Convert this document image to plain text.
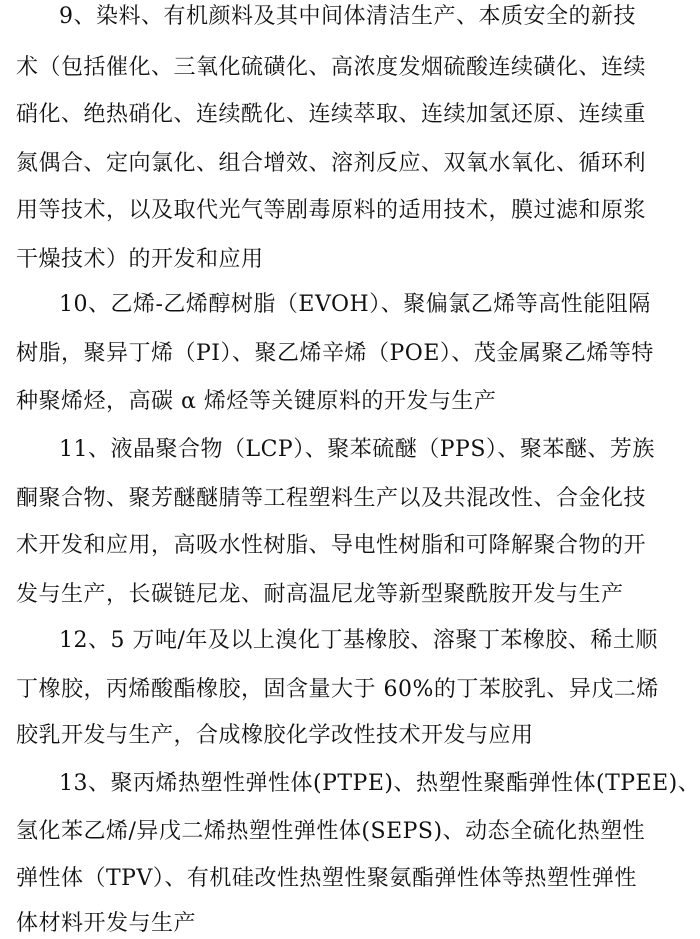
9、染料、有机颜料及其中间体清洁生产、本质安全的新技
术（包括催化、三氧化硫磺化、高浓度发烟硫酸连续磺化、连续
硝化、绝热硝化、连续酰化、连续萃取、连续加氢还原、连续重
氮偶合、定向氯化、组合增效、溶剂反应、双氧水氧化、循环利
用等技术，以及取代光气等剧毒原料的适用技术，膜过滤和原浆
干燥技术）的开发和应用
10、乙烯-乙烯醇树脂（EVOH）、聚偏氯乙烯等高性能阻隔
树脂，聚异丁烯（PI）、聚乙烯辛烯（POE）、茂金属聚乙烯等特
种聚烯烃，高碳 α 烯烃等关键原料的开发与生产
11、液晶聚合物（LCP）、聚苯硫醚（PPS）、聚苯醚、芳族
酮聚合物、聚芳醚醚腈等工程塑料生产以及共混改性、合金化技
术开发和应用，高吸水性树脂、导电性树脂和可降解聚合物的开
发与生产，长碳链尼龙、耐高温尼龙等新型聚酰胺开发与生产
12、5 万吨/年及以上溴化丁基橡胶、溶聚丁苯橡胶、稀土顺
丁橡胶，丙烯酸酯橡胶，固含量大于 60%的丁苯胶乳、异戊二烯
胶乳开发与生产，合成橡胶化学改性技术开发与应用
13、聚丙烯热塑性弹性体(PTPE)、热塑性聚酯弹性体(TPEE)、
氢化苯乙烯/异戊二烯热塑性弹性体(SEPS)、动态全硫化热塑性
弹性体（TPV）、有机硅改性热塑性聚氨酯弹性体等热塑性弹性
体材料开发与生产
